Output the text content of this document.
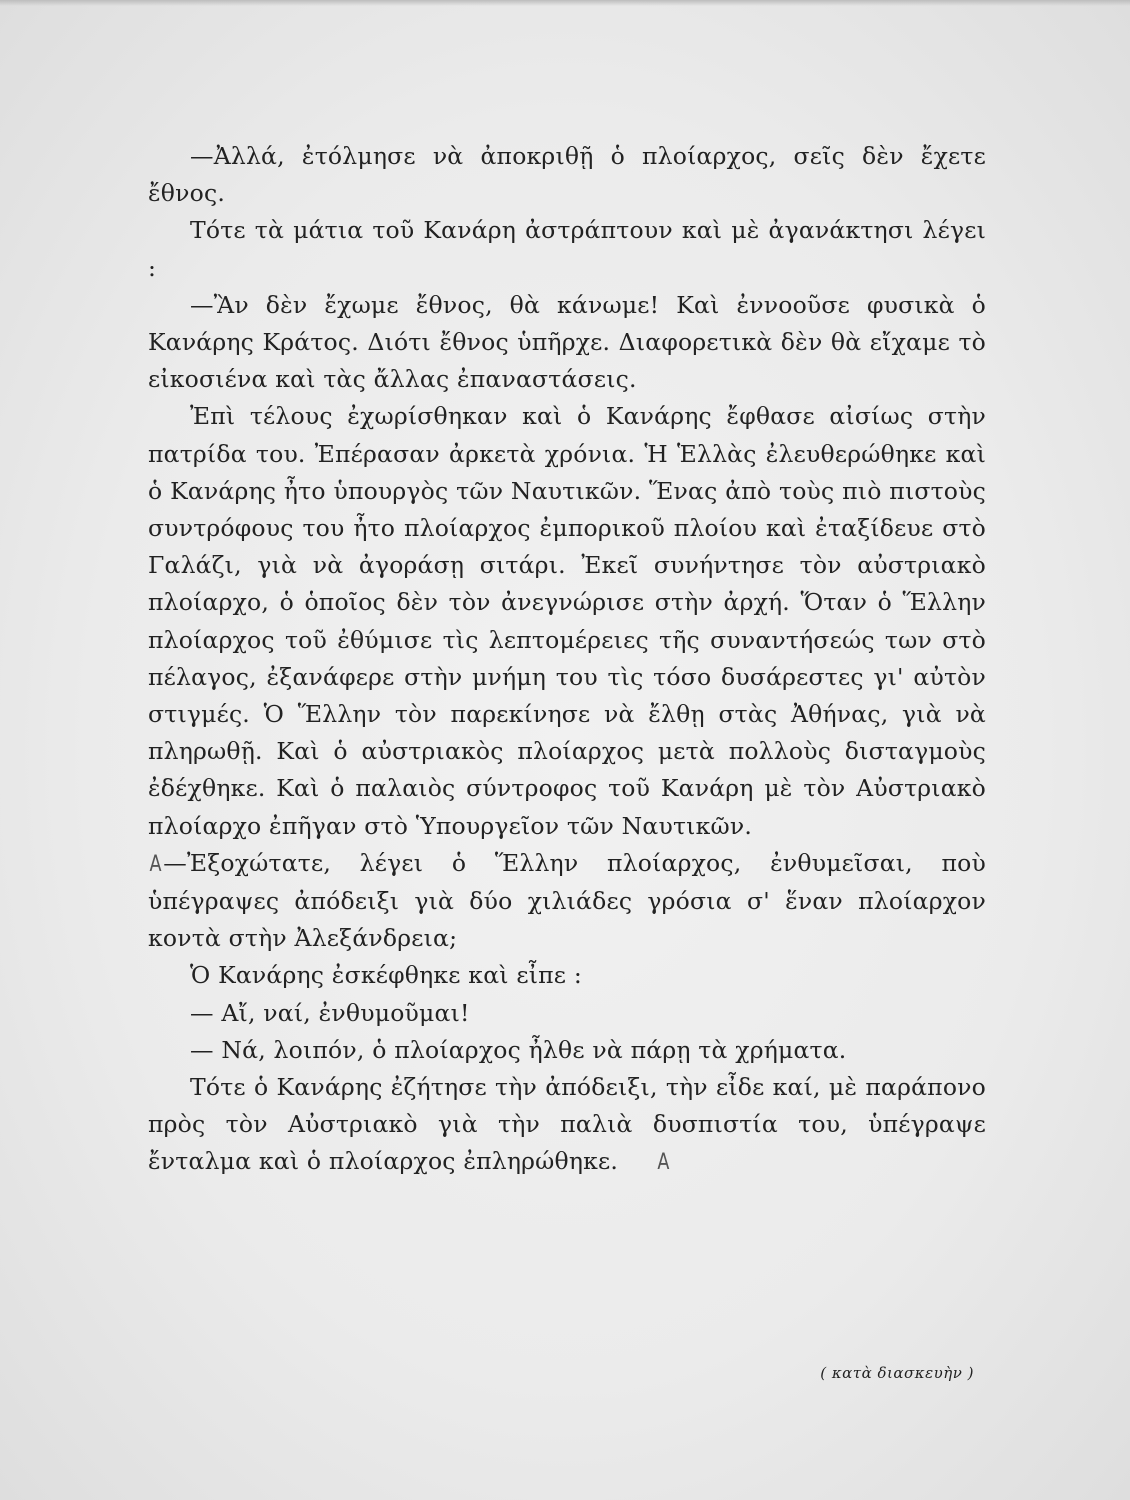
—Ἀλλά, ἐτόλμησε νὰ ἀποκριθῇ ὁ πλοίαρχος, σεῖς δὲν ἔχετε ἔθνος.

Τότε τὰ μάτια τοῦ Κανάρη ἀστράπτουν καὶ μὲ ἀγανάκτησι λέγει :

—Ἂν δὲν ἔχωμε ἔθνος, θὰ κάνωμε! Καὶ ἐννοοῦσε φυσικὰ ὁ Κανάρης Κράτος. Διότι ἔθνος ὑπῆρχε. Διαφορετικὰ δὲν θὰ εἴχαμε τὸ εἰκοσιένα καὶ τὰς ἄλλας ἐπαναστάσεις.

Ἐπὶ τέλους ἐχωρίσθηκαν καὶ ὁ Κανάρης ἔφθασε αἰσίως στὴν πατρίδα του. Ἐπέρασαν ἀρκετὰ χρόνια. Ἡ Ἑλλὰς ἐλευθερώθηκε καὶ ὁ Κανάρης ἦτο ὑπουργὸς τῶν Ναυτικῶν. Ἕνας ἀπὸ τοὺς πιὸ πιστοὺς συντρόφους του ἦτο πλοίαρχος ἐμπορικοῦ πλοίου καὶ ἐταξίδευε στὸ Γαλάζι, γιὰ νὰ ἀγοράσῃ σιτάρι. Ἐκεῖ συνήντησε τὸν αὐστριακὸ πλοίαρχο, ὁ ὁποῖος δὲν τὸν ἀνεγνώρισε στὴν ἀρχή. Ὅταν ὁ Ἕλλην πλοίαρχος τοῦ ἐθύμισε τὶς λεπτομέρειες τῆς συναντήσεώς των στὸ πέλαγος, ἐξανάφερε στὴν μνήμη του τὶς τόσο δυσάρεστες γι' αὐτὸν στιγμές. Ὁ Ἕλλην τὸν παρεκίνησε νὰ ἔλθῃ στὰς Ἀθήνας, γιὰ νὰ πληρωθῇ. Καὶ ὁ αὐστριακὸς πλοίαρχος μετὰ πολλοὺς δισταγμοὺς ἐδέχθηκε. Καὶ ὁ παλαιὸς σύντροφος τοῦ Κανάρη μὲ τὸν Αὐστριακὸ πλοίαρχο ἐπῆγαν στὸ Ὑπουργεῖον τῶν Ναυτικῶν.

A—Ἐξοχώτατε, λέγει ὁ Ἕλλην πλοίαρχος, ἐνθυμεῖσαι, ποὺ ὑπέγραψες ἀπόδειξι γιὰ δύο χιλιάδες γρόσια σ' ἕναν πλοίαρχον κοντὰ στὴν Ἀλεξάνδρεια;

Ὁ Κανάρης ἐσκέφθηκε καὶ εἶπε :

— Αἴ, ναί, ἐνθυμοῦμαι!

— Νά, λοιπόν, ὁ πλοίαρχος ἦλθε νὰ πάρῃ τὰ χρήματα.

Τότε ὁ Κανάρης ἐζήτησε τὴν ἀπόδειξι, τὴν εἶδε καί, μὲ παράπονο πρὸς τὸν Αὐστριακὸ γιὰ τὴν παλιὰ δυσπιστία του, ὑπέγραψε ἔνταλμα καὶ ὁ πλοίαρχος ἐπληρώθηκε. A

( κατὰ διασκευὴν )
